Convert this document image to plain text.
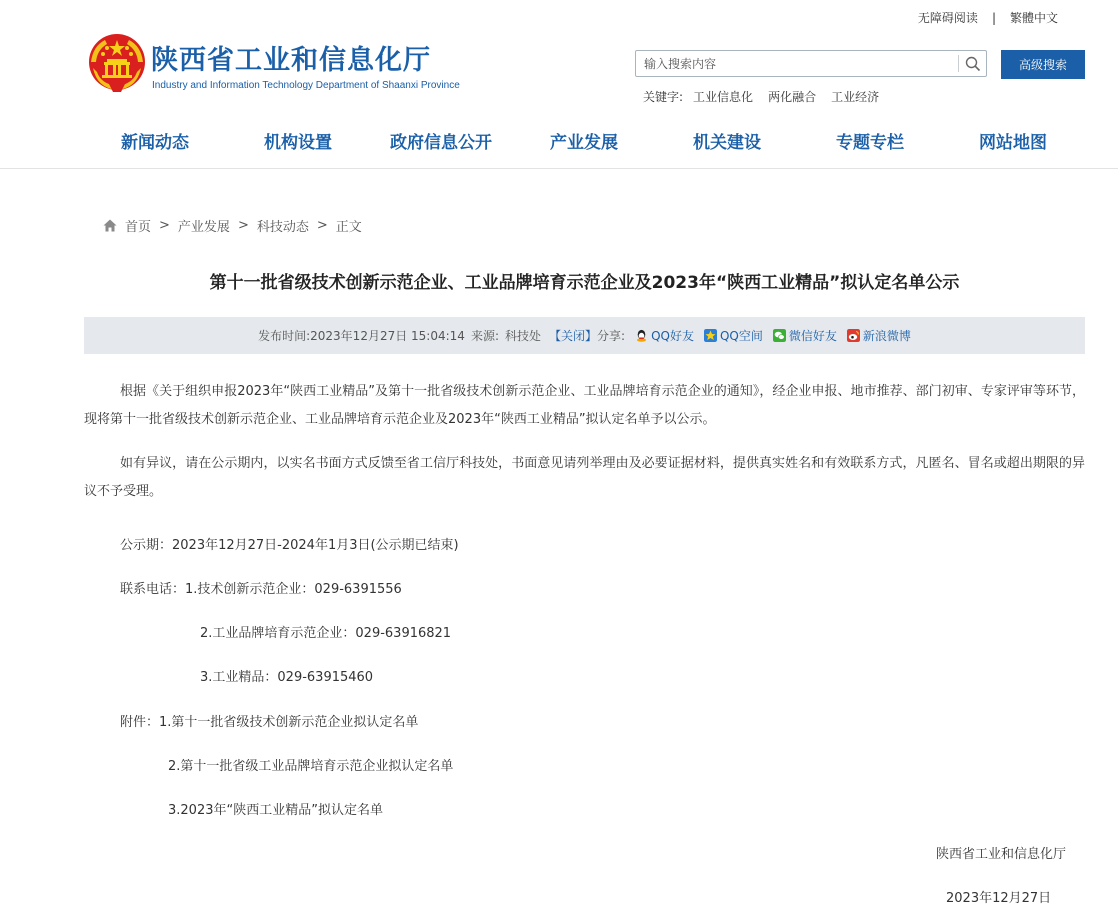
无障碍阅读 | 繁體中文
陕西省工业和信息化厅
Industry and Information Technology Department of Shaanxi Province
输入搜索内容
高级搜索
关键字: 工业信息化 两化融合 工业经济
新闻动态	机构设置	政府信息公开	产业发展	机关建设	专题专栏	网站地图
首页 > 产业发展 > 科技动态 > 正文
第十一批省级技术创新示范企业、工业品牌培育示范企业及2023年“陕西工业精品”拟认定名单公示
发布时间: 2023年12月27日 15:04:14 来源: 科技处 【关闭】 分享: QQ好友 QQ空间 微信好友 新浪微博

根据《关于组织申报2023年“陕西工业精品”及第十一批省级技术创新示范企业、工业品牌培育示范企业的通知》，经企业申报、地市推荐、部门初审、专家评审等环节，现将第十一批省级技术创新示范企业、工业品牌培育示范企业及2023年“陕西工业精品”拟认定名单予以公示。

如有异议，请在公示期内，以实名书面方式反馈至省工信厅科技处，书面意见请列举理由及必要证据材料，提供真实姓名和有效联系方式，凡匿名、冒名或超出期限的异议不予受理。

公示期：2023年12月27日-2024年1月3日(公示期已结束)
联系电话：1.技术创新示范企业：029-6391556
2.工业品牌培育示范企业：029-63916821
3.工业精品：029-63915460
附件：1.第十一批省级技术创新示范企业拟认定名单
2.第十一批省级工业品牌培育示范企业拟认定名单
3.2023年“陕西工业精品”拟认定名单
陕西省工业和信息化厅
2023年12月27日
